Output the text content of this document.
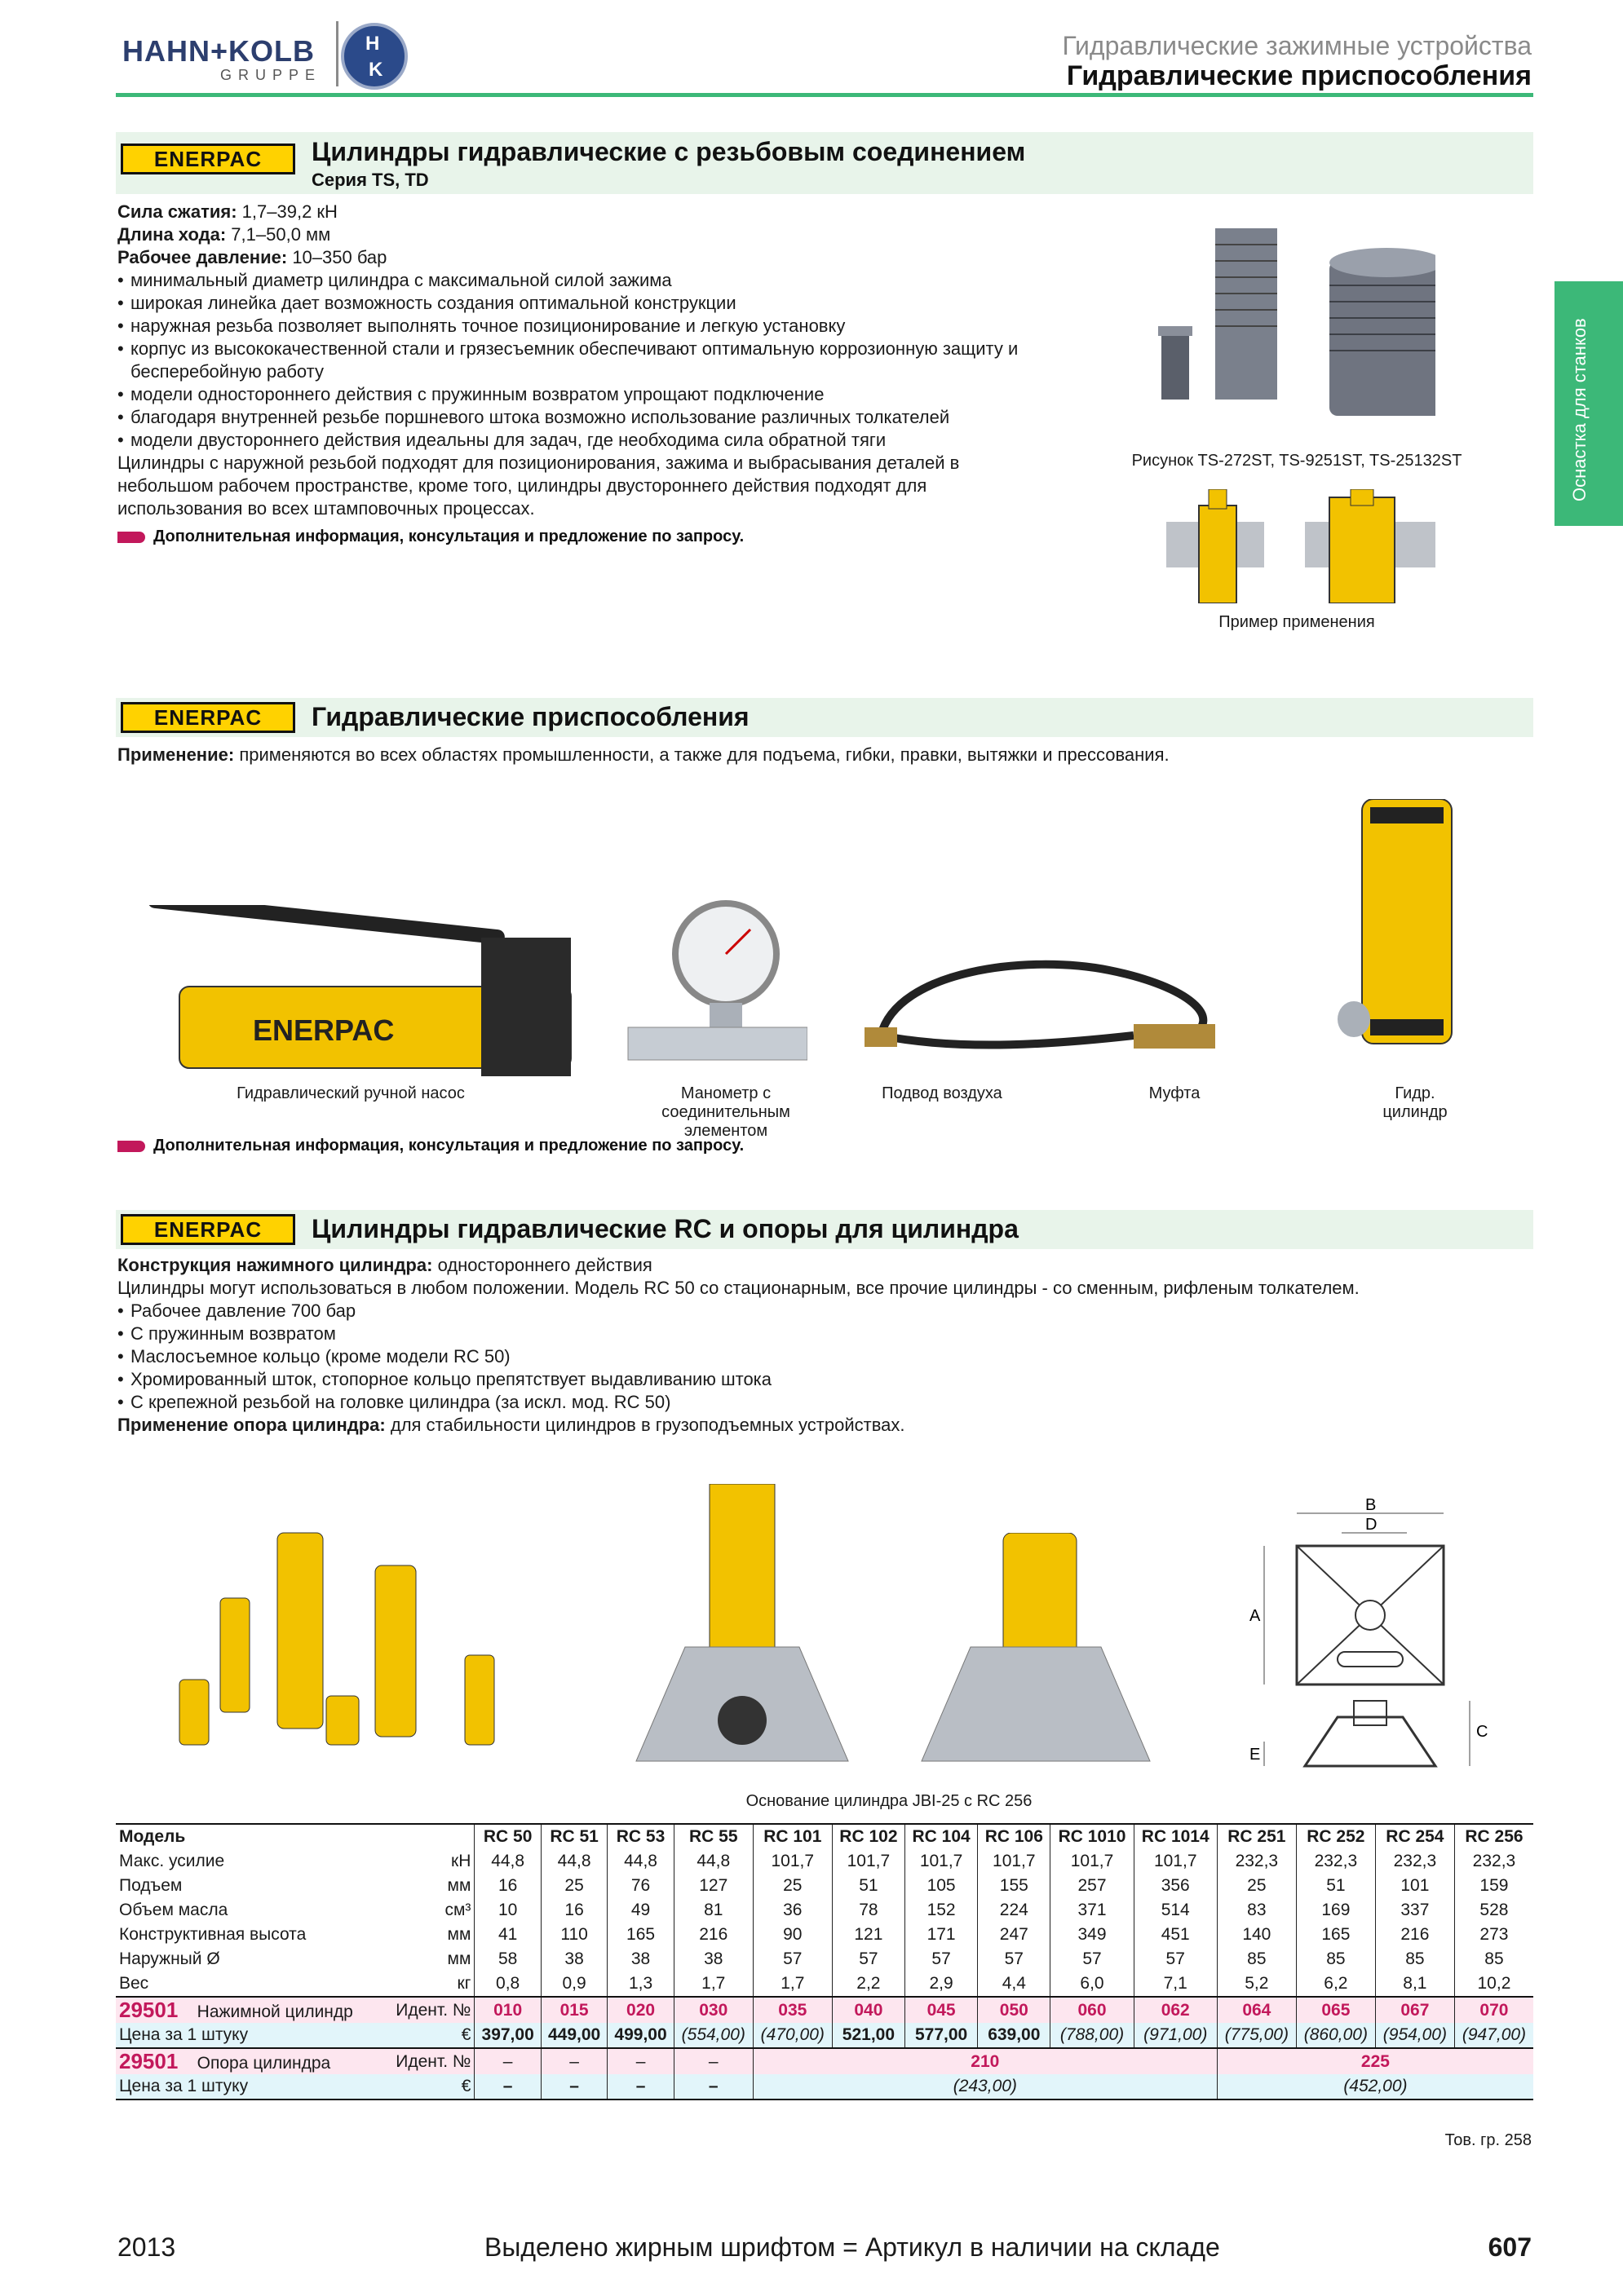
HAHN+KOLB
GRUPPE
H
K
Гидравлические зажимные устройства
Гидравлические приспособления
Оснастка для станков
ENERPAC	Цилиндры гидравлические с резьбовым соединением
Серия TS, TD
Сила сжатия: 1,7–39,2 кН
Длина хода: 7,1–50,0 мм
Рабочее давление: 10–350 бар
• минимальный диаметр цилиндра с максимальной силой зажима
• широкая линейка дает возможность создания оптимальной конструкции
• наружная резьба позволяет выполнять точное позиционирование и легкую установку
• корпус из высококачественной стали и грязесъемник обеспечивают оптимальную коррозионную защиту и бесперебойную работу
• модели одностороннего действия с пружинным возвратом упрощают подключение
• благодаря внутренней резьбе поршневого штока возможно использование различных толкателей
• модели двустороннего действия идеальны для задач, где необходима сила обратной тяги
Цилиндры с наружной резьбой подходят для позиционирования, зажима и выбрасывания деталей в небольшом рабочем пространстве, кроме того, цилиндры двустороннего действия подходят для использования во всех штамповочных процессах.
Дополнительная информация, консультация и предложение по запросу.
Рисунок TS-272ST, TS-9251ST, TS-25132ST
Пример применения
ENERPAC	Гидравлические приспособления
Применение: применяются во всех областях промышленности, а также для подъема, гибки, правки, вытяжки и прессования.
ENERPAC
Гидравлический ручной насос	Манометр с соединительным элементом
Подвод воздуха	Муфта	Гидр. цилиндр
Дополнительная информация, консультация и предложение по запросу.
ENERPAC	Цилиндры гидравлические RC и опоры для цилиндра
Конструкция нажимного цилиндра: одностороннего действия
Цилиндры могут использоваться в любом положении. Модель RC 50 со стационарным, все прочие цилиндры - со сменным, рифленым толкателем.
• Рабочее давление 700 бар
• С пружинным возвратом
• Маслосъемное кольцо (кроме модели RC 50)
• Хромированный шток, стопорное кольцо препятствует выдавливанию штока
• С крепежной резьбой на головке цилиндра (за искл. мод. RC 50)
Применение опора цилиндра: для стабильности цилиндров в грузоподъемных устройствах.
B
D
A
C
E
Основание цилиндра JBI-25 с RC 256
Модель		RC 50	RC 51	RC 53	RC 55	RC 101	RC 102	RC 104	RC 106	RC 1010	RC 1014	RC 251	RC 252	RC 254	RC 256
Макс. усилие	кН	44,8	44,8	44,8	44,8	101,7	101,7	101,7	101,7	101,7	101,7	232,3	232,3	232,3	232,3
Подъем	мм	16	25	76	127	25	51	105	155	257	356	25	51	101	159
Объем масла	см³	10	16	49	81	36	78	152	224	371	514	83	169	337	528
Конструктивная высота	мм	41	110	165	216	90	121	171	247	349	451	140	165	216	273
Наружный Ø	мм	58	38	38	38	57	57	57	57	57	57	85	85	85	85
Вес	кг	0,8	0,9	1,3	1,7	1,7	2,2	2,9	4,4	6,0	7,1	5,2	6,2	8,1	10,2
29501 Нажимной цилиндр	Идент. №	010	015	020	030	035	040	045	050	060	062	064	065	067	070
Цена за 1 штуку	€	397,00	449,00	499,00	(554,00)	(470,00)	521,00	577,00	639,00	(788,00)	(971,00)	(775,00)	(860,00)	(954,00)	(947,00)
29501 Опора цилиндра	Идент. №	–	–	–	–	210						225			
Цена за 1 штуку	€	–	–	–	–	(243,00)						(452,00)			
Тов. гр. 258
2013	Выделено жирным шрифтом = Артикул в наличии на складе	607
